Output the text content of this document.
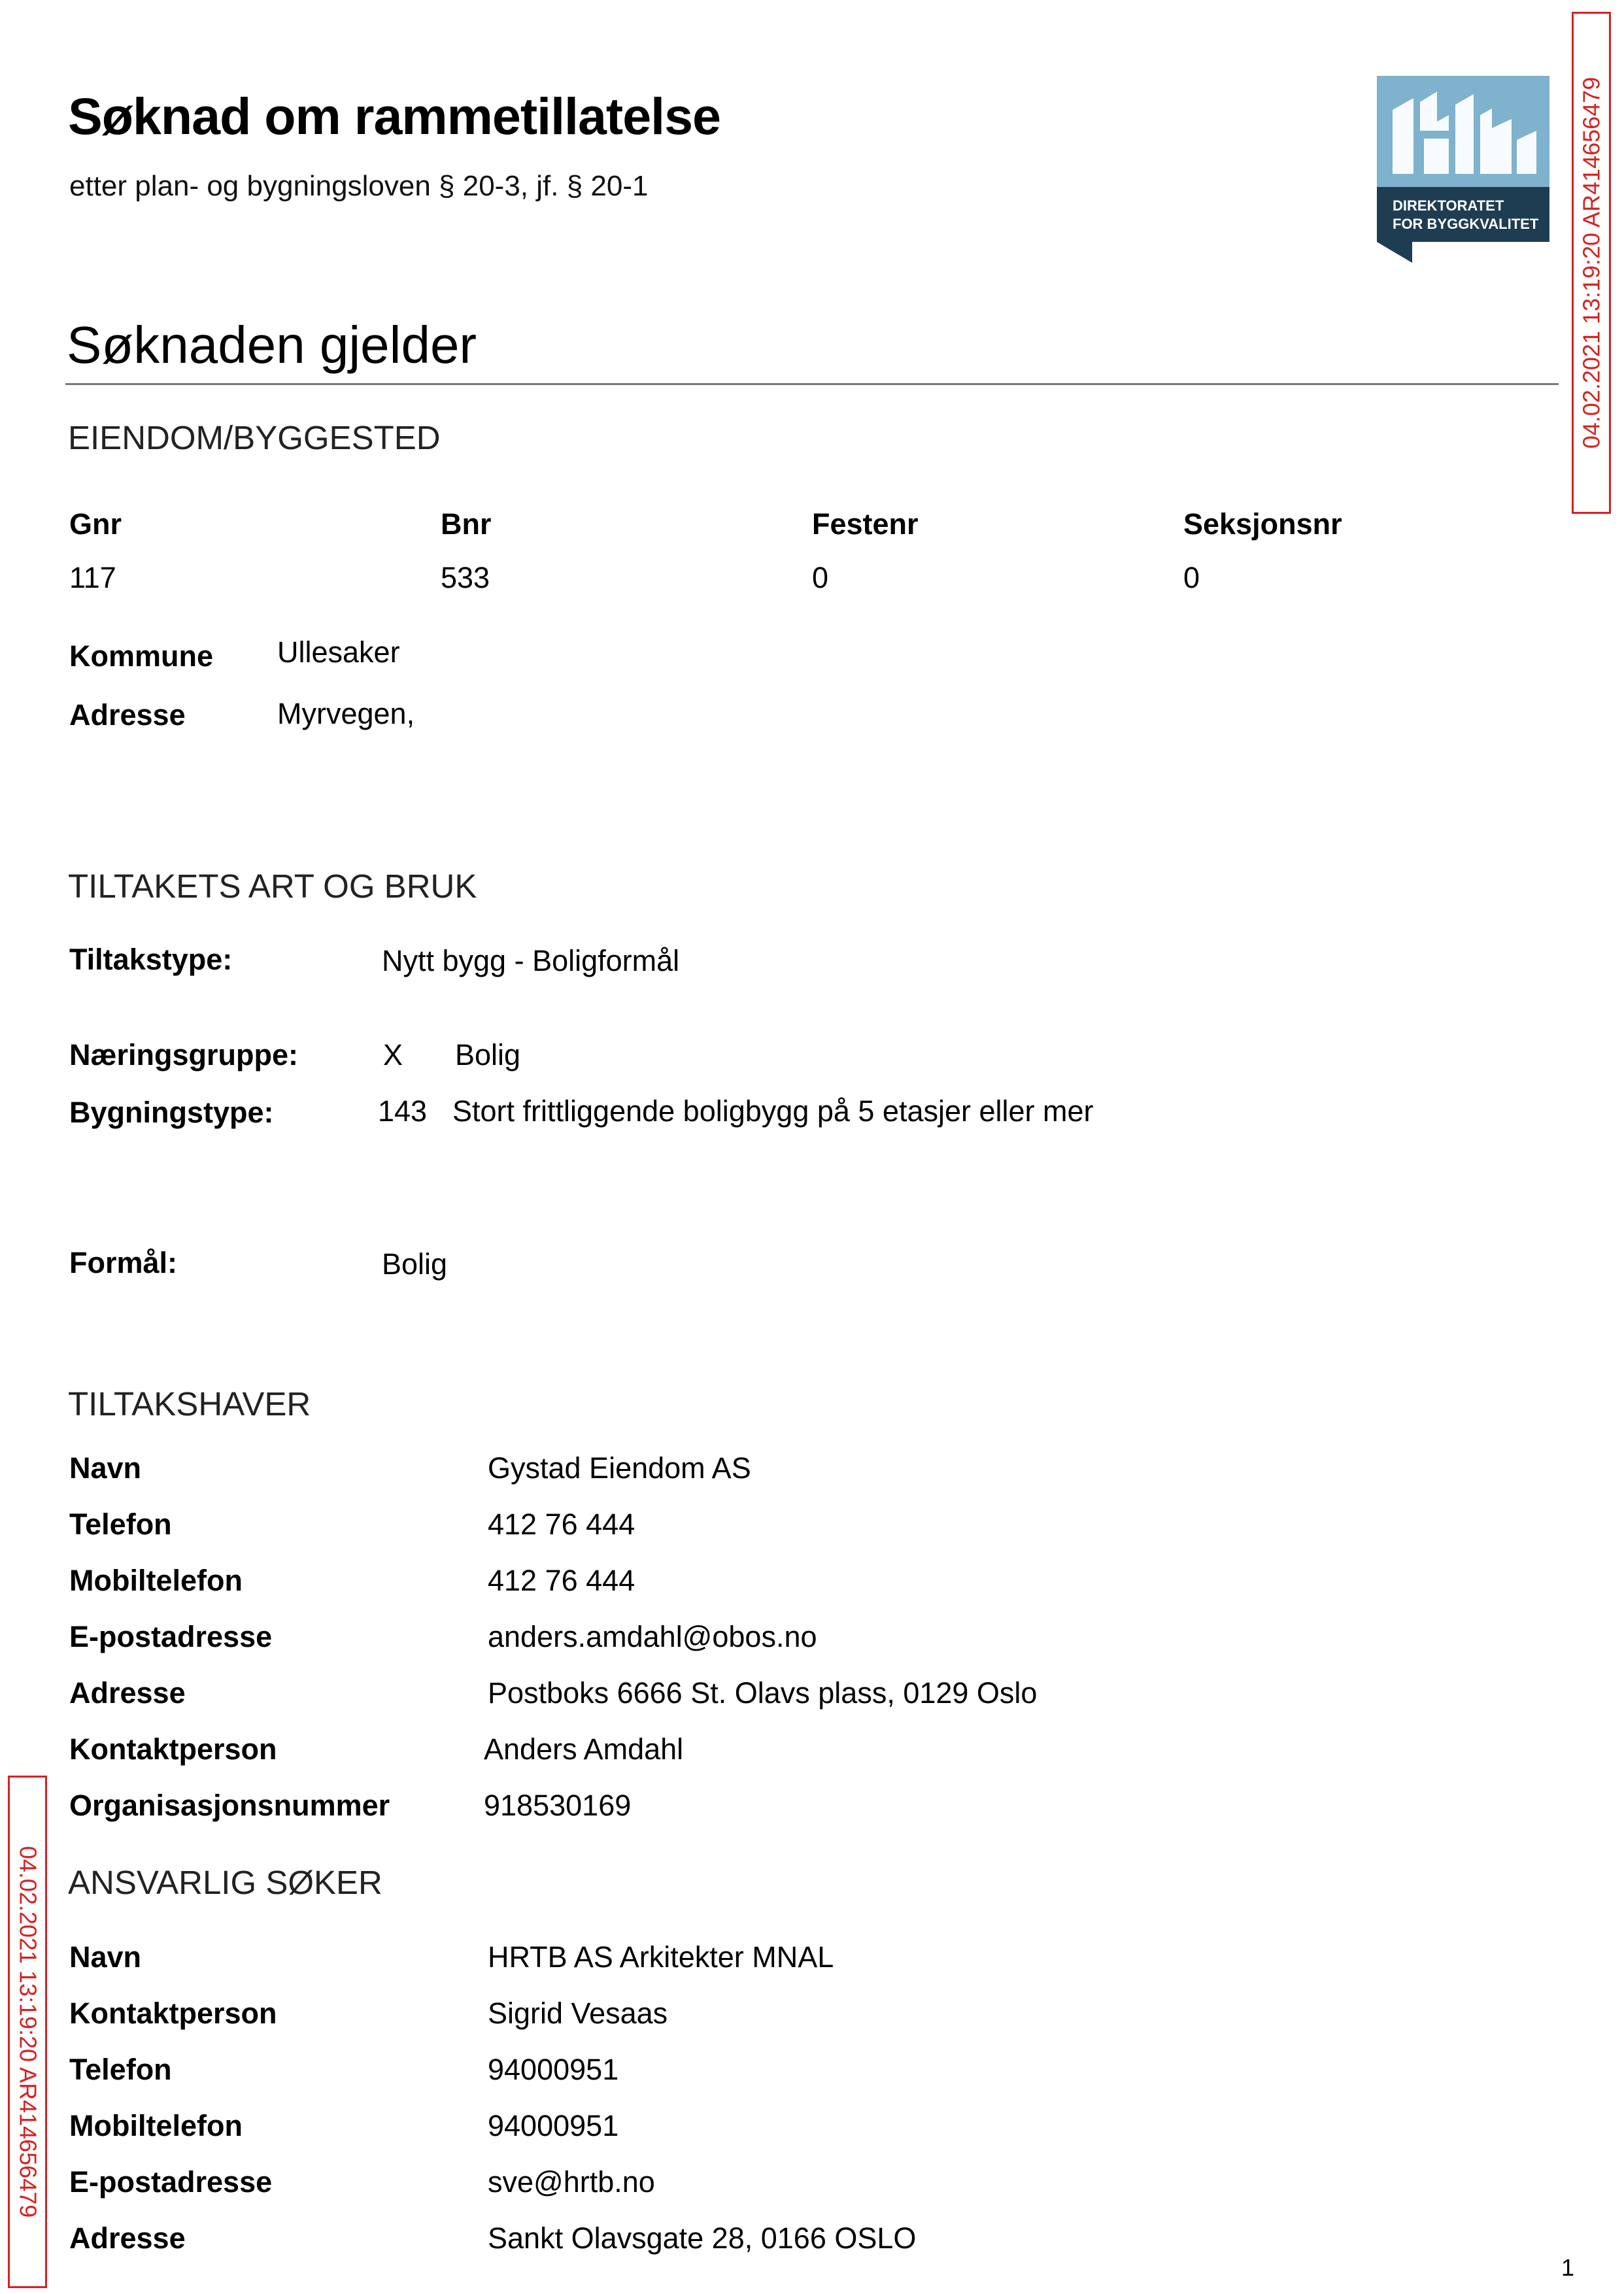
Søknad om rammetillatelse
etter plan- og bygningsloven § 20-3, jf. § 20-1
DIREKTORATET
FOR BYGGKVALITET 04.02.2021 13:19:20 AR414656479
04.02.2021 13:19:20 AR414656479
Søknaden gjelder
EIENDOM/BYGGESTED
Gnr	Bnr	Festenr	Seksjonsnr
117	533	0	0
Kommune Ullesaker
Adresse	Myrvegen,
TILTAKETS ART OG BRUK
Tiltakstype:	Nytt bygg - Boligformål
Næringsgruppe:	X Bolig
Bygningstype:	143 Stort frittliggende boligbygg på 5 etasjer eller mer
Formål:	Bolig
TILTAKSHAVER
Navn	Gystad Eiendom AS
Telefon	412 76 444
Mobiltelefon	412 76 444
E-postadresse	anders.amdahl@obos.no
Adresse	Postboks 6666 St. Olavs plass, 0129 Oslo
Kontaktperson	Anders Amdahl
Organisasjonsnummer	918530169
ANSVARLIG SØKER
Navn	HRTB AS Arkitekter MNAL
Kontaktperson	Sigrid Vesaas
Telefon	94000951
Mobiltelefon	94000951
E-postadresse	sve@hrtb.no
Adresse	Sankt Olavsgate 28, 0166 OSLO
1
